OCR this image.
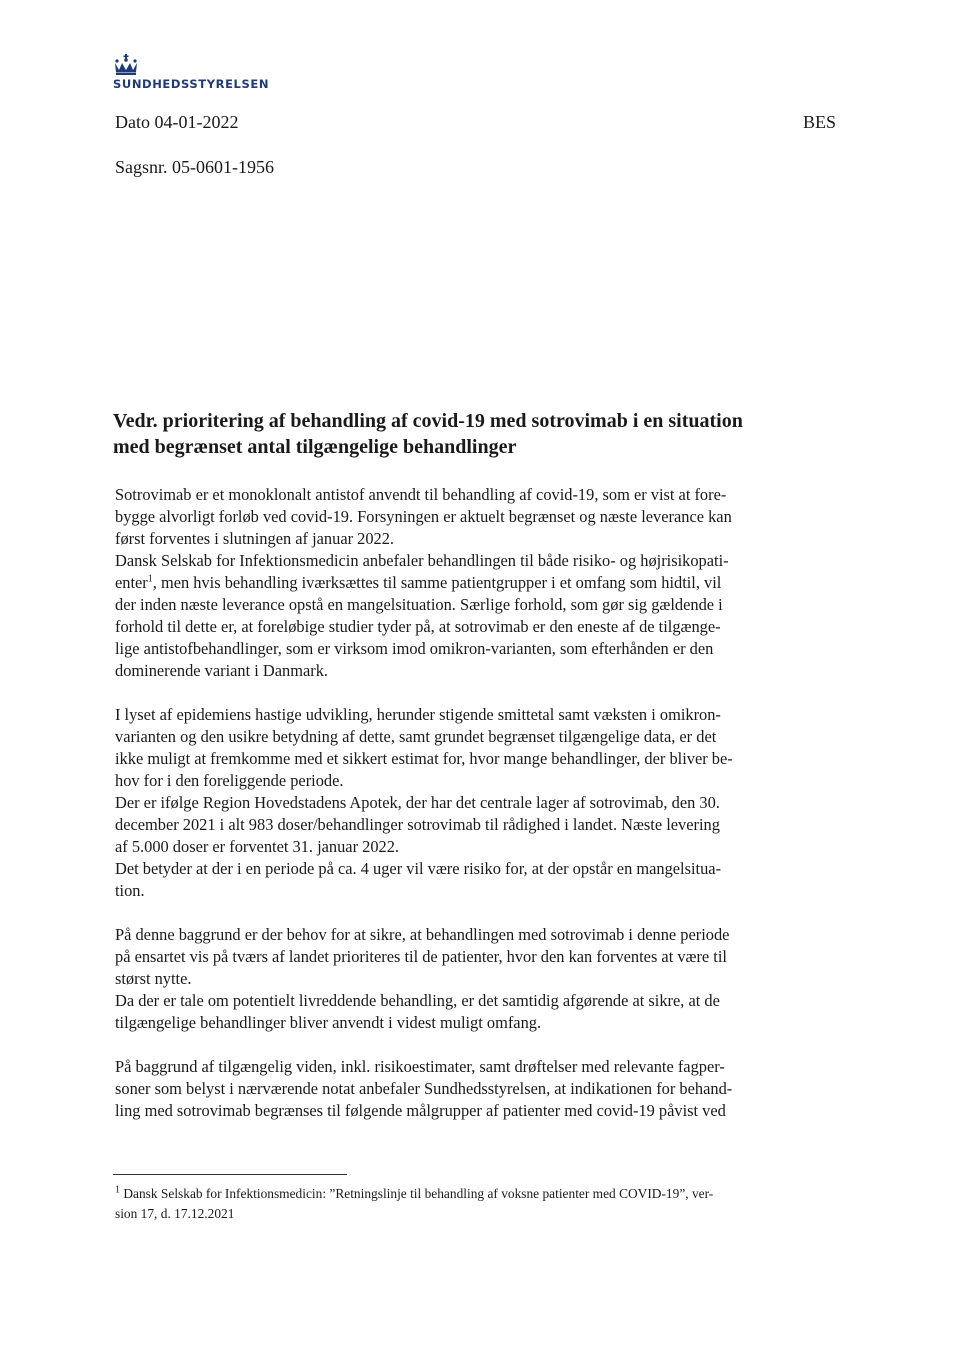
SUNDHEDSSTYRELSEN
Dato 04-01-2022	BES
Sagsnr. 05-0601-1956
Vedr. prioritering af behandling af covid-19 med sotrovimab i en situation
med begrænset antal tilgængelige behandlinger

Sotrovimab er et monoklonalt antistof anvendt til behandling af covid-19, som er vist at fore-
bygge alvorligt forløb ved covid-19. Forsyningen er aktuelt begrænset og næste leverance kan
først forventes i slutningen af januar 2022.
Dansk Selskab for Infektionsmedicin anbefaler behandlingen til både risiko- og højrisikopati-
enter$^1$, men hvis behandling iværksættes til samme patientgrupper i et omfang som hidtil, vil
der inden næste leverance opstå en mangelsituation. Særlige forhold, som gør sig gældende i
forhold til dette er, at foreløbige studier tyder på, at sotrovimab er den eneste af de tilgænge-
lige antistofbehandlinger, som er virksom imod omikron-varianten, som efterhånden er den
dominerende variant i Danmark.

I lyset af epidemiens hastige udvikling, herunder stigende smittetal samt væksten i omikron-
varianten og den usikre betydning af dette, samt grundet begrænset tilgængelige data, er det
ikke muligt at fremkomme med et sikkert estimat for, hvor mange behandlinger, der bliver be-
hov for i den foreliggende periode.
Der er ifølge Region Hovedstadens Apotek, der har det centrale lager af sotrovimab, den 30.
december 2021 i alt 983 doser/behandlinger sotrovimab til rådighed i landet. Næste levering
af 5.000 doser er forventet 31. januar 2022.
Det betyder at der i en periode på ca. 4 uger vil være risiko for, at der opstår en mangelsitua-
tion.

På denne baggrund er der behov for at sikre, at behandlingen med sotrovimab i denne periode
på ensartet vis på tværs af landet prioriteres til de patienter, hvor den kan forventes at være til
størst nytte.
Da der er tale om potentielt livreddende behandling, er det samtidig afgørende at sikre, at de
tilgængelige behandlinger bliver anvendt i videst muligt omfang.

På baggrund af tilgængelig viden, inkl. risikoestimater, samt drøftelser med relevante fagper-
soner som belyst i nærværende notat anbefaler Sundhedsstyrelsen, at indikationen for behand-
ling med sotrovimab begrænses til følgende målgrupper af patienter med covid-19 påvist ved

$^1$ Dansk Selskab for Infektionsmedicin: ”Retningslinje til behandling af voksne patienter med COVID-19”, ver-
sion 17, d. 17.12.2021
